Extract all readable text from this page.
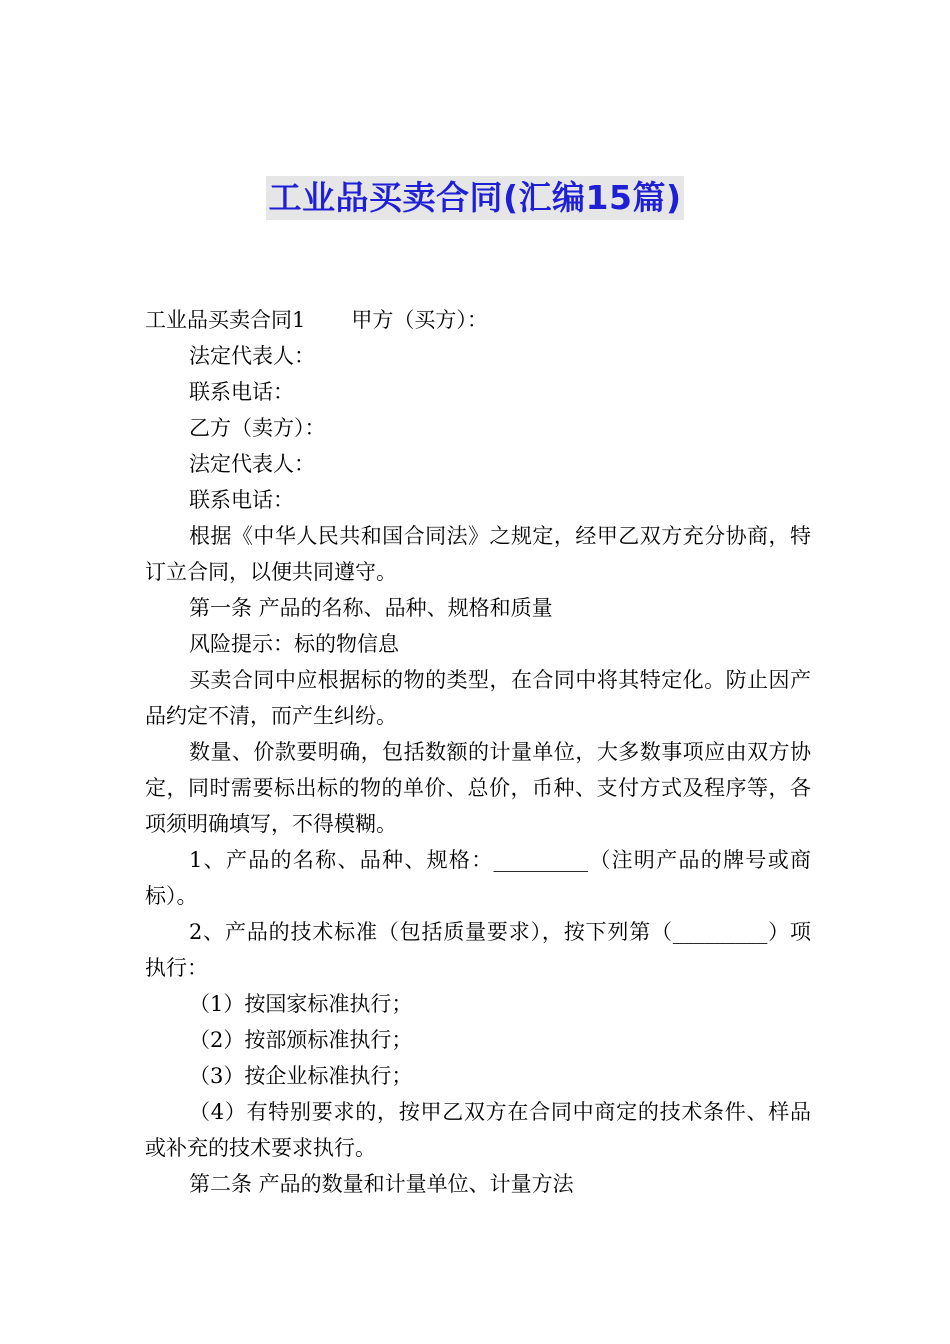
工业品买卖合同(汇编15篇)

工业品买卖合同1 甲方（买方）：

法定代表人：

联系电话：

乙方（卖方）：

法定代表人：

联系电话：

根据《中华人民共和国合同法》之规定，经甲乙双方充分协商，特订立合同，以便共同遵守。

第一条 产品的名称、品种、规格和质量

风险提示：标的物信息

买卖合同中应根据标的物的类型，在合同中将其特定化。防止因产品约定不清，而产生纠纷。

数量、价款要明确，包括数额的计量单位，大多数事项应由双方协定，同时需要标出标的物的单价、总价，币种、支付方式及程序等，各项须明确填写，不得模糊。

1、产品的名称、品种、规格：_________（注明产品的牌号或商标）。

2、产品的技术标准（包括质量要求），按下列第（_________）项执行：

（1）按国家标准执行；

（2）按部颁标准执行；

（3）按企业标准执行；

（4）有特别要求的，按甲乙双方在合同中商定的技术条件、样品或补充的技术要求执行。

第二条 产品的数量和计量单位、计量方法
